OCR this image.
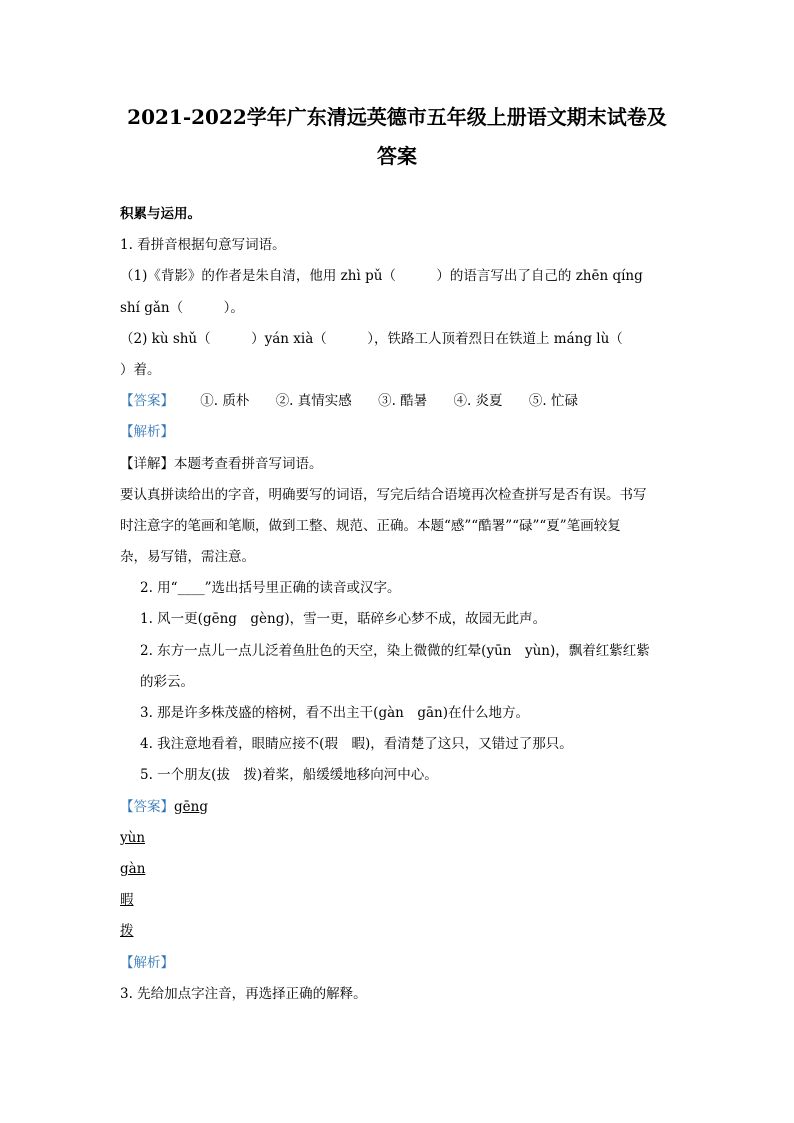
2021-2022学年广东清远英德市五年级上册语文期末试卷及
答案
积累与运用。
1. 看拼音根据句意写词语。
（1)《背影》的作者是朱自清，他用 zhì pǔ（　　　）的语言写出了自己的 zhēn qíng
shí gǎn（　　　）。
（2) kù shǔ（　　　）yán xià（　　　），铁路工人顶着烈日在铁道上 máng lù（
）着。
【答案】 ①. 质朴 ②. 真情实感 ③. 酷暑 ④. 炎夏 ⑤. 忙碌
【解析】
【详解】本题考查看拼音写词语。
要认真拼读给出的字音，明确要写的词语，写完后结合语境再次检查拼写是否有误。书写
时注意字的笔画和笔顺，做到工整、规范、正确。本题“感”“酷署”“碌”“夏”笔画较复
杂，易写错，需注意。
2. 用“____”选出括号里正确的读音或汉字。
1. 风一更(gēng　gèng)，雪一更，聒碎乡心梦不成，故园无此声。
2. 东方一点儿一点儿泛着鱼肚色的天空，染上微微的红晕(yūn　yùn)，飘着红紫红紫
的彩云。
3. 那是许多株茂盛的榕树，看不出主干(gàn　gān)在什么地方。
4. 我注意地看着，眼睛应接不(瑕　暇)，看清楚了这只，又错过了那只。
5. 一个朋友(拔　拨)着桨，船缓缓地移向河中心。
【答案】gēng
yùn
gàn
暇
拨
【解析】
3. 先给加点字注音，再选择正确的解释。
